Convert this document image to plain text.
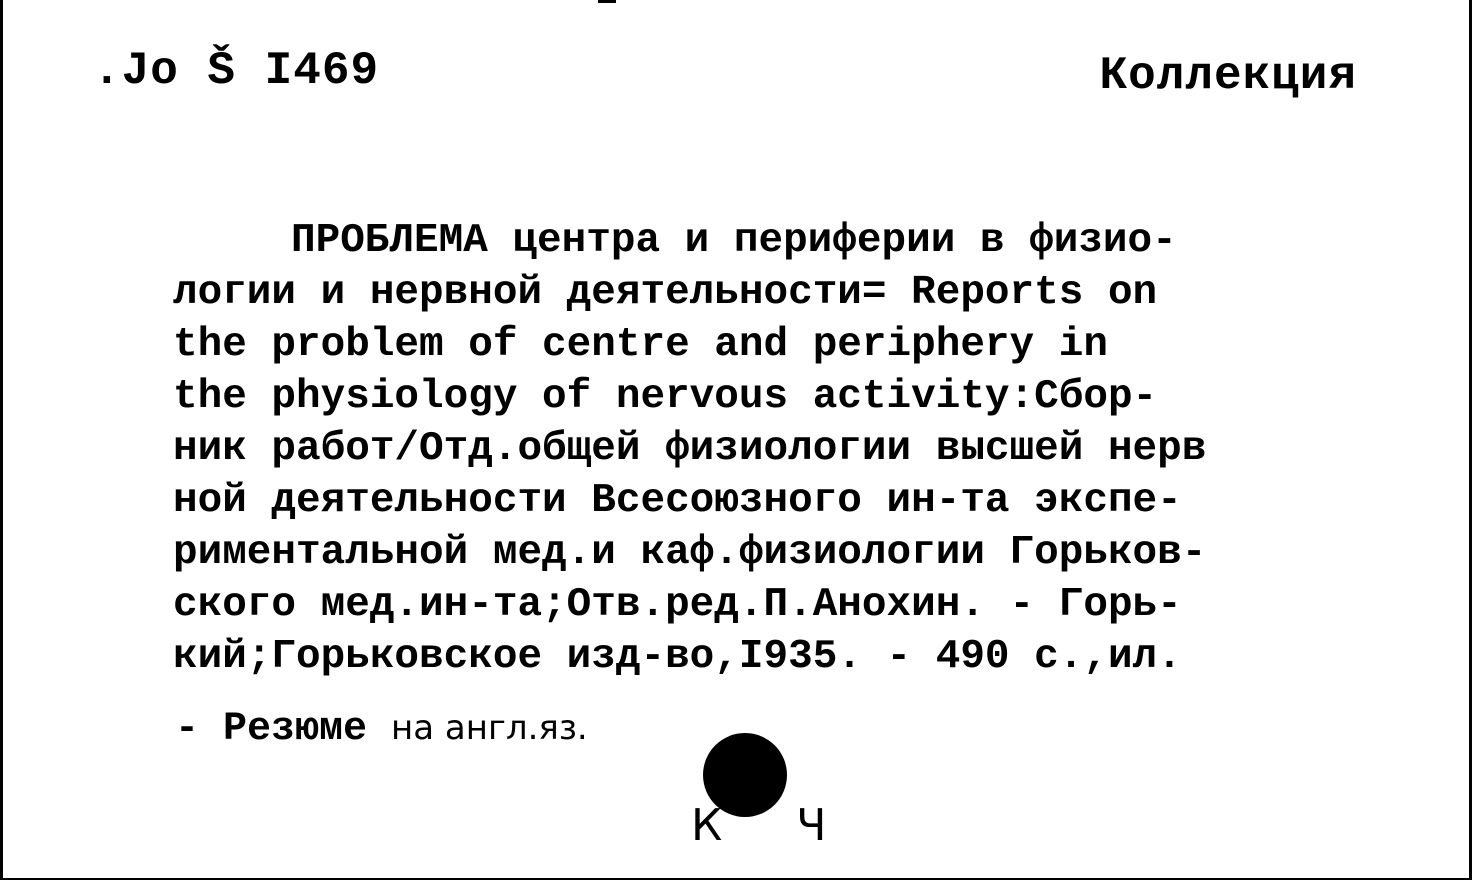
.Jo Š I469	Коллекция
ПРОБЛЕМА центра и периферии в физио-
логии и нервной деятельности= Reports on
the problem of centre and periphery in
the physiology of nervous activity:Сбор-
ник работ/Отд.общей физиологии высшей нерв
ной деятельности Всесоюзного ин-та экспе-
риментальной мед.и каф.физиологии Горьков-
ского мед.ин-та;Отв.ред.П.Анохин. - Горь-
кий;Горьковское изд-во,I935. - 490 с.,ил.
- Резюме на англ.яз.
К Ч
